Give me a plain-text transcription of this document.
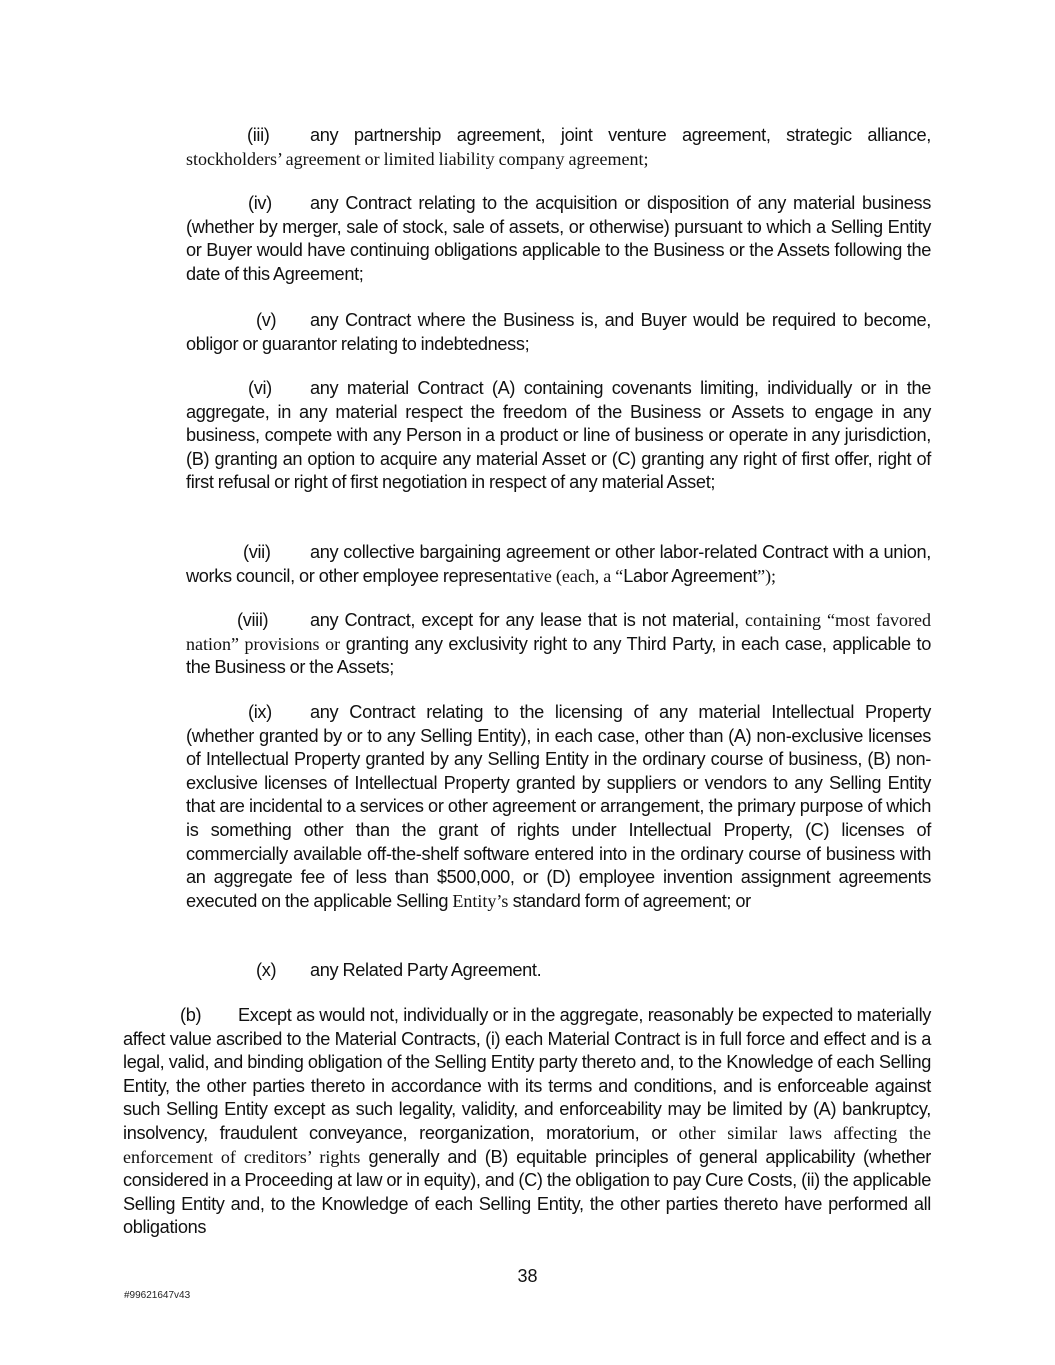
(iii) any partnership agreement, joint venture agreement, strategic alliance, stockholders’ agreement or limited liability company agreement;
(iv) any Contract relating to the acquisition or disposition of any material business (whether by merger, sale of stock, sale of assets, or otherwise) pursuant to which a Selling Entity or Buyer would have continuing obligations applicable to the Business or the Assets following the date of this Agreement;
(v) any Contract where the Business is, and Buyer would be required to become, obligor or guarantor relating to indebtedness;
(vi) any material Contract (A) containing covenants limiting, individually or in the aggregate, in any material respect the freedom of the Business or Assets to engage in any business, compete with any Person in a product or line of business or operate in any jurisdiction, (B) granting an option to acquire any material Asset or (C) granting any right of first offer, right of first refusal or right of first negotiation in respect of any material Asset;
(vii) any collective bargaining agreement or other labor-related Contract with a union, works council, or other employee representative (each, a “Labor Agreement”);
(viii) any Contract, except for any lease that is not material, containing “most favored nation” provisions or granting any exclusivity right to any Third Party, in each case, applicable to the Business or the Assets;
(ix) any Contract relating to the licensing of any material Intellectual Property (whether granted by or to any Selling Entity), in each case, other than (A) non-exclusive licenses of Intellectual Property granted by any Selling Entity in the ordinary course of business, (B) non-exclusive licenses of Intellectual Property granted by suppliers or vendors to any Selling Entity that are incidental to a services or other agreement or arrangement, the primary purpose of which is something other than the grant of rights under Intellectual Property, (C) licenses of commercially available off-the-shelf software entered into in the ordinary course of business with an aggregate fee of less than $500,000, or (D) employee invention assignment agreements executed on the applicable Selling Entity’s standard form of agreement; or
(x) any Related Party Agreement.
(b) Except as would not, individually or in the aggregate, reasonably be expected to materially affect value ascribed to the Material Contracts, (i) each Material Contract is in full force and effect and is a legal, valid, and binding obligation of the Selling Entity party thereto and, to the Knowledge of each Selling Entity, the other parties thereto in accordance with its terms and conditions, and is enforceable against such Selling Entity except as such legality, validity, and enforceability may be limited by (A) bankruptcy, insolvency, fraudulent conveyance, reorganization, moratorium, or other similar laws affecting the enforcement of creditors’ rights generally and (B) equitable principles of general applicability (whether considered in a Proceeding at law or in equity), and (C) the obligation to pay Cure Costs, (ii) the applicable Selling Entity and, to the Knowledge of each Selling Entity, the other parties thereto have performed all obligations
38
#99621647v43
